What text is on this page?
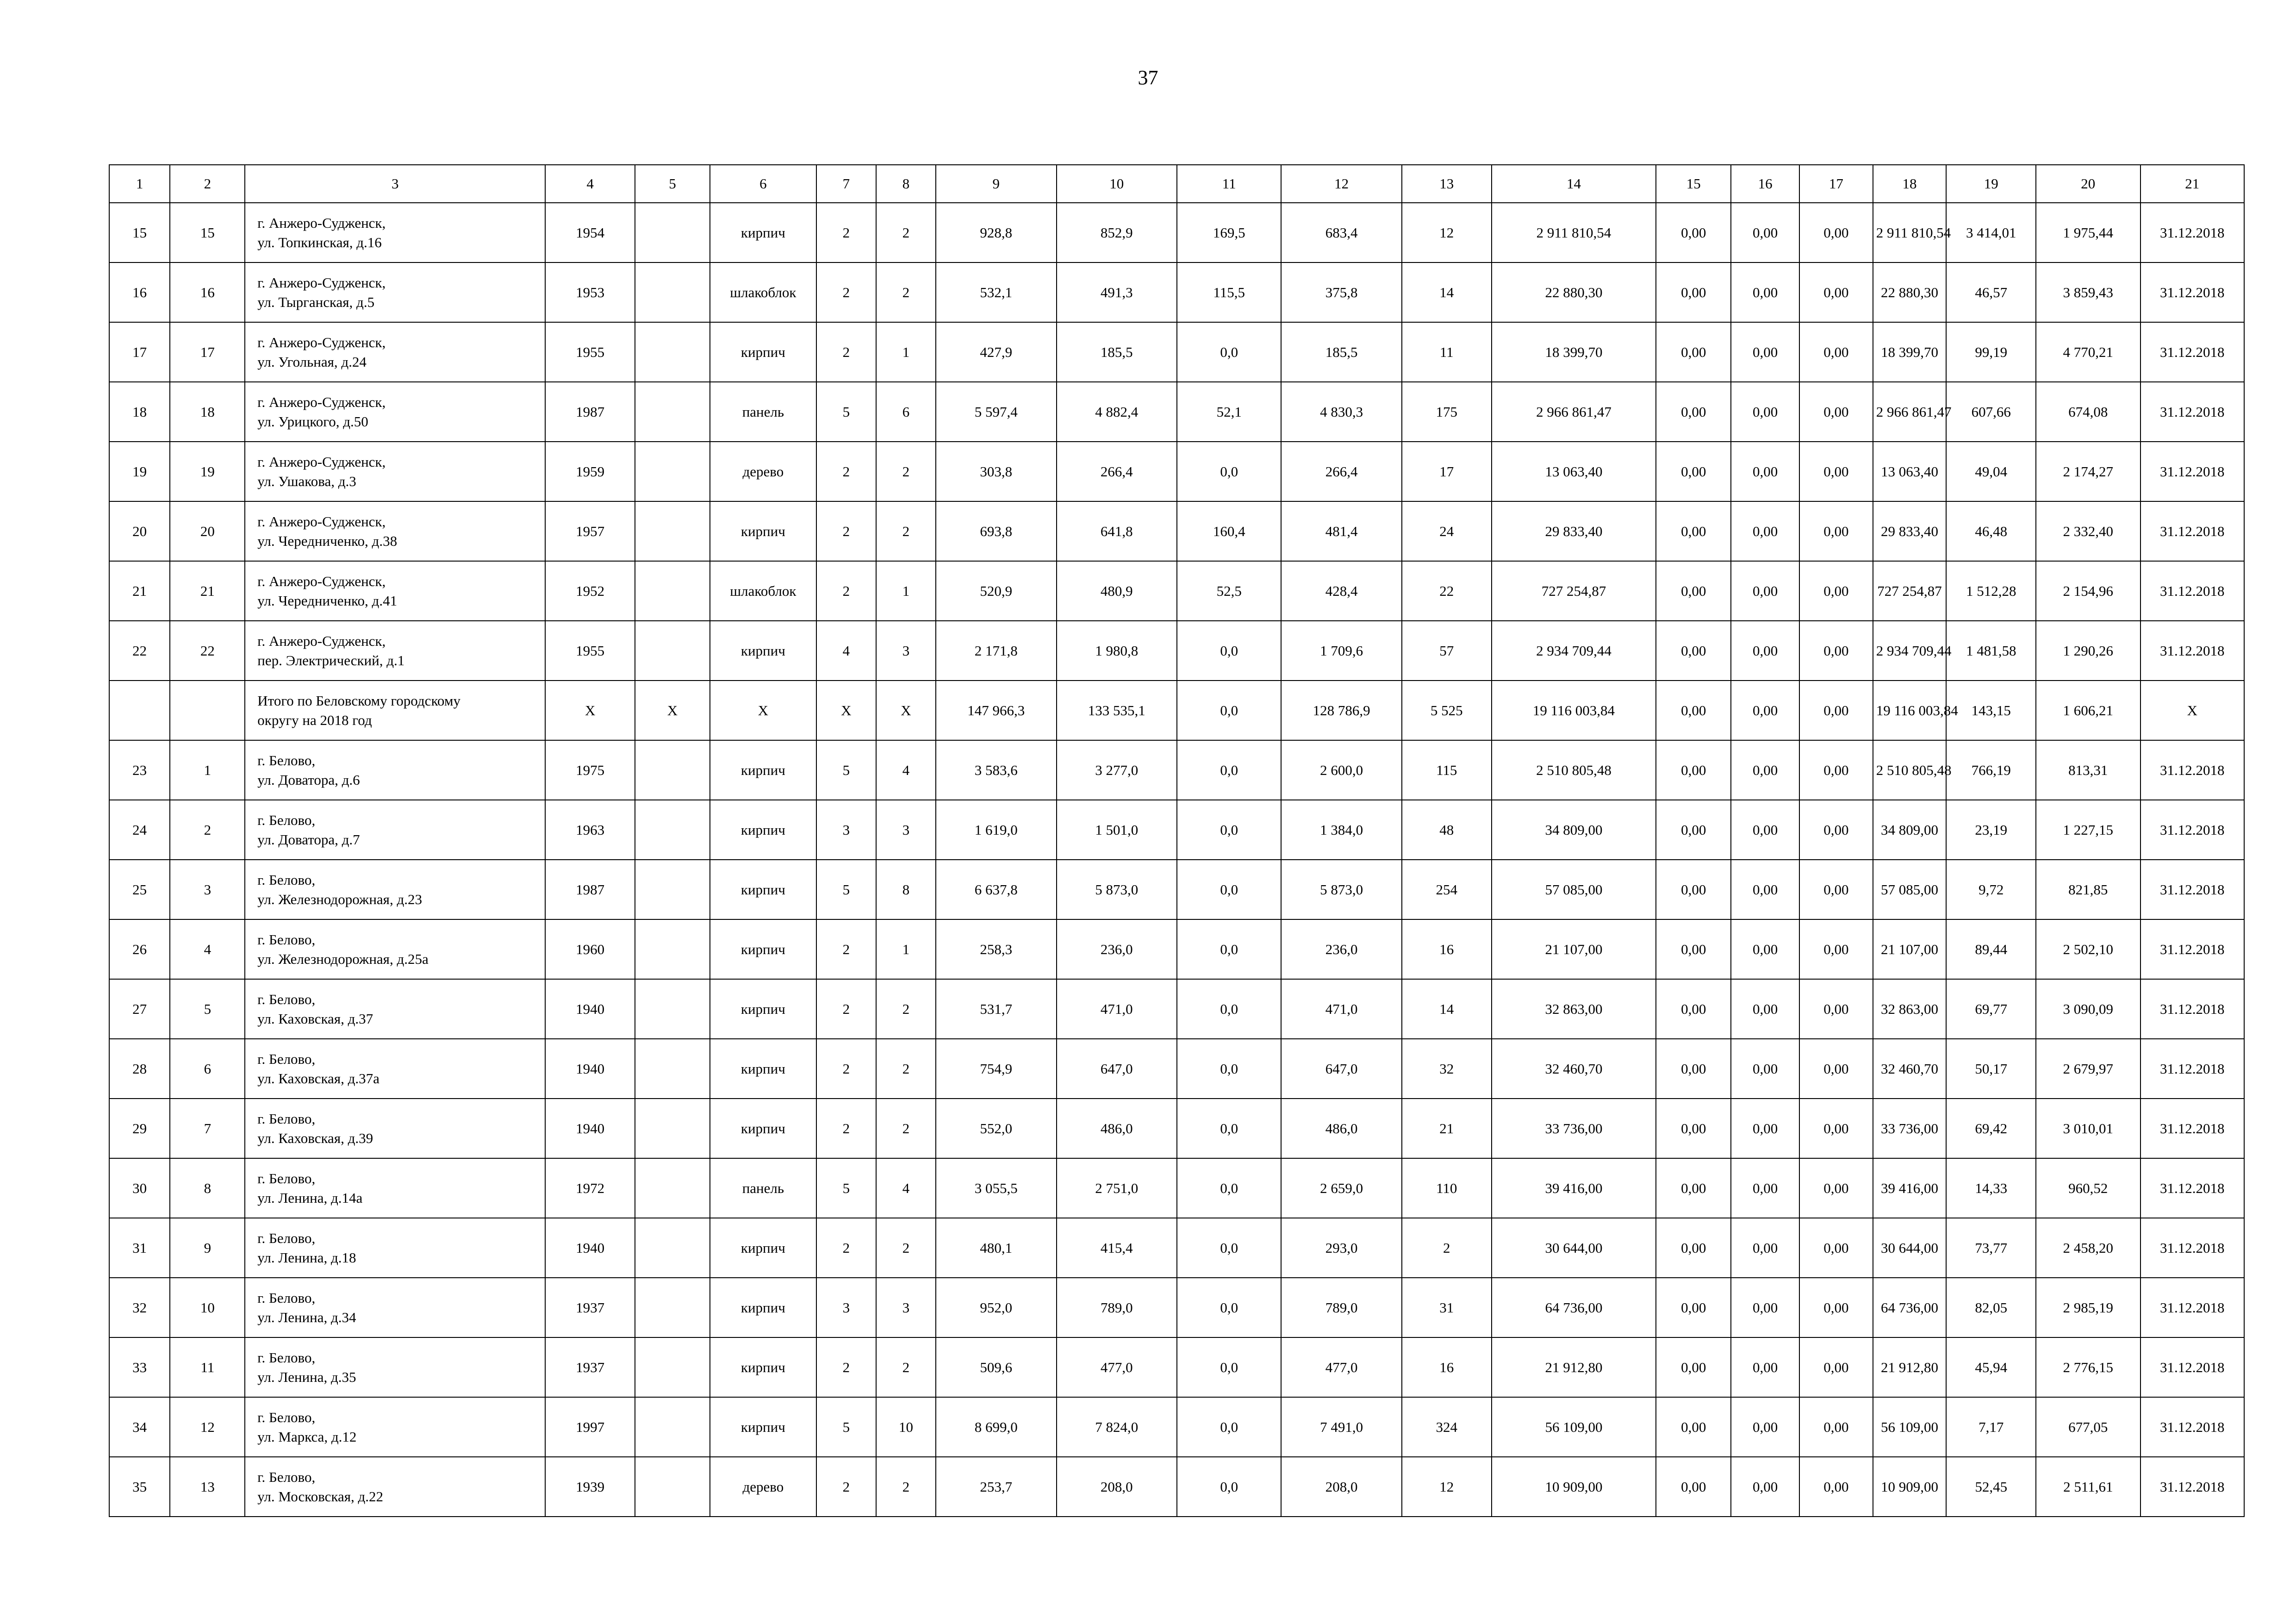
37
1	2	3	4	5	6	7	8	9	10	11	12	13	14	15	16	17	18	19	20	21
15	15	г. Анжеро-Судженск,
ул. Топкинская, д.16	1954		кирпич	2	2	928,8	852,9	169,5	683,4	12	2 911 810,54	0,00	0,00	0,00	2 911 810,54	3 414,01	1 975,44	31.12.2018
16	16	г. Анжеро-Судженск,
ул. Тырганская, д.5	1953		шлакоблок	2	2	532,1	491,3	115,5	375,8	14	22 880,30	0,00	0,00	0,00	22 880,30	46,57	3 859,43	31.12.2018
17	17	г. Анжеро-Судженск,
ул. Угольная, д.24	1955		кирпич	2	1	427,9	185,5	0,0	185,5	11	18 399,70	0,00	0,00	0,00	18 399,70	99,19	4 770,21	31.12.2018
18	18	г. Анжеро-Судженск,
ул. Урицкого, д.50	1987		панель	5	6	5 597,4	4 882,4	52,1	4 830,3	175	2 966 861,47	0,00	0,00	0,00	2 966 861,47	607,66	674,08	31.12.2018
19	19	г. Анжеро-Судженск,
ул. Ушакова, д.3	1959		дерево	2	2	303,8	266,4	0,0	266,4	17	13 063,40	0,00	0,00	0,00	13 063,40	49,04	2 174,27	31.12.2018
20	20	г. Анжеро-Судженск,
ул. Чередниченко, д.38	1957		кирпич	2	2	693,8	641,8	160,4	481,4	24	29 833,40	0,00	0,00	0,00	29 833,40	46,48	2 332,40	31.12.2018
21	21	г. Анжеро-Судженск,
ул. Чередниченко, д.41	1952		шлакоблок	2	1	520,9	480,9	52,5	428,4	22	727 254,87	0,00	0,00	0,00	727 254,87	1 512,28	2 154,96	31.12.2018
22	22	г. Анжеро-Судженск,
пер. Электрический, д.1	1955		кирпич	4	3	2 171,8	1 980,8	0,0	1 709,6	57	2 934 709,44	0,00	0,00	0,00	2 934 709,44	1 481,58	1 290,26	31.12.2018

		Итого по Беловскому городскому
округу на 2018 год	X	X	X	X	X	147 966,3	133 535,1	0,0	128 786,9	5 525	19 116 003,84	0,00	0,00	0,00	19 116 003,84	143,15	1 606,21	X
23	1	г. Белово,
ул. Доватора, д.6	1975		кирпич	5	4	3 583,6	3 277,0	0,0	2 600,0	115	2 510 805,48	0,00	0,00	0,00	2 510 805,48	766,19	813,31	31.12.2018
24	2	г. Белово,
ул. Доватора, д.7	1963		кирпич	3	3	1 619,0	1 501,0	0,0	1 384,0	48	34 809,00	0,00	0,00	0,00	34 809,00	23,19	1 227,15	31.12.2018
25	3	г. Белово,
ул. Железнодорожная, д.23	1987		кирпич	5	8	6 637,8	5 873,0	0,0	5 873,0	254	57 085,00	0,00	0,00	0,00	57 085,00	9,72	821,85	31.12.2018
26	4	г. Белово,
ул. Железнодорожная, д.25а	1960		кирпич	2	1	258,3	236,0	0,0	236,0	16	21 107,00	0,00	0,00	0,00	21 107,00	89,44	2 502,10	31.12.2018
27	5	г. Белово,
ул. Каховская, д.37	1940		кирпич	2	2	531,7	471,0	0,0	471,0	14	32 863,00	0,00	0,00	0,00	32 863,00	69,77	3 090,09	31.12.2018
28	6	г. Белово,
ул. Каховская, д.37а	1940		кирпич	2	2	754,9	647,0	0,0	647,0	32	32 460,70	0,00	0,00	0,00	32 460,70	50,17	2 679,97	31.12.2018
29	7	г. Белово,
ул. Каховская, д.39	1940		кирпич	2	2	552,0	486,0	0,0	486,0	21	33 736,00	0,00	0,00	0,00	33 736,00	69,42	3 010,01	31.12.2018
30	8	г. Белово,
ул. Ленина, д.14а	1972		панель	5	4	3 055,5	2 751,0	0,0	2 659,0	110	39 416,00	0,00	0,00	0,00	39 416,00	14,33	960,52	31.12.2018
31	9	г. Белово,
ул. Ленина, д.18	1940		кирпич	2	2	480,1	415,4	0,0	293,0	2	30 644,00	0,00	0,00	0,00	30 644,00	73,77	2 458,20	31.12.2018
32	10	г. Белово,
ул. Ленина, д.34	1937		кирпич	3	3	952,0	789,0	0,0	789,0	31	64 736,00	0,00	0,00	0,00	64 736,00	82,05	2 985,19	31.12.2018
33	11	г. Белово,
ул. Ленина, д.35	1937		кирпич	2	2	509,6	477,0	0,0	477,0	16	21 912,80	0,00	0,00	0,00	21 912,80	45,94	2 776,15	31.12.2018
34	12	г. Белово,
ул. Маркса, д.12	1997		кирпич	5	10	8 699,0	7 824,0	0,0	7 491,0	324	56 109,00	0,00	0,00	0,00	56 109,00	7,17	677,05	31.12.2018
35	13	г. Белово,
ул. Московская, д.22	1939		дерево	2	2	253,7	208,0	0,0	208,0	12	10 909,00	0,00	0,00	0,00	10 909,00	52,45	2 511,61	31.12.2018
